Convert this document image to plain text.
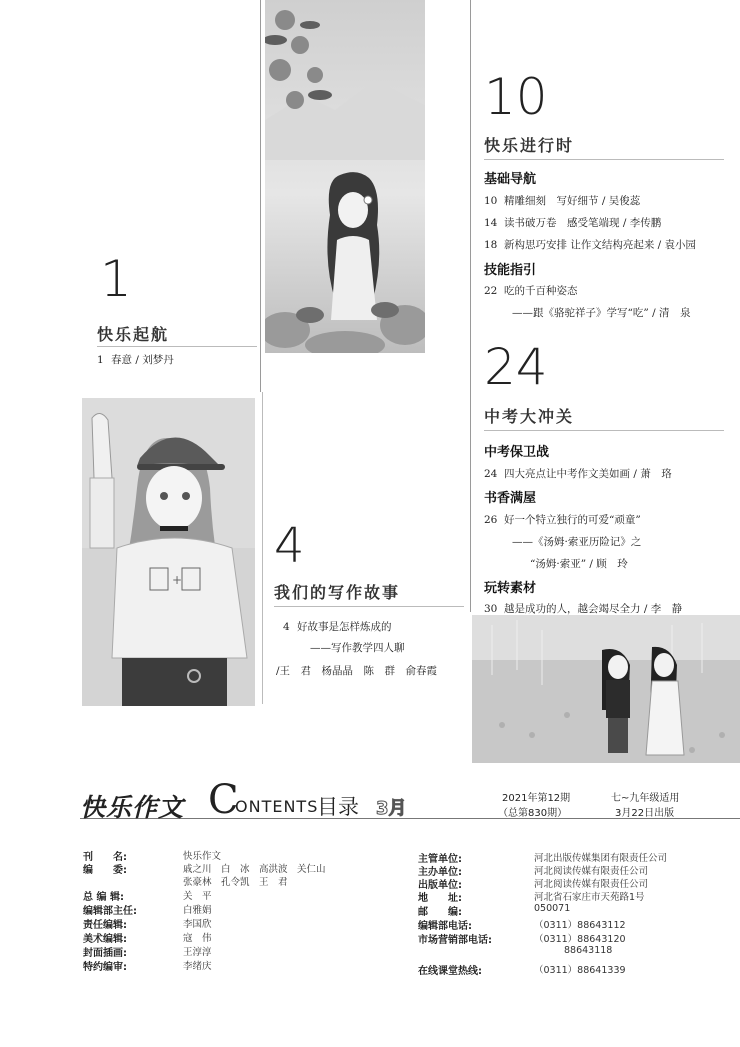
+
1
快乐起航
1 春意 / 刘梦丹
4
我们的写作故事
4 好故事是怎样炼成的
——写作教学四人聊
/王　君　杨晶晶　陈　群　俞春霞
10
快乐进行时
基础导航
10 精雕细刻　写好细节 / 吴俊蕊
14 读书破万卷　感受笔端现 / 李传鹏
18 新构思巧安排 让作文结构亮起来 / 袁小园
技能指引
22 吃的千百种姿态
——跟《骆驼祥子》学写“吃” / 清　泉
24
中考大冲关
中考保卫战
24 四大亮点让中考作文美如画 / 萧　珞
书香满屋
26 好一个特立独行的可爱“顽童”
——《汤姆·索亚历险记》之
“汤姆·索亚” / 顾　玲
玩转素材
30 越是成功的人，越会竭尽全力 / 李　静
快乐作文 C
ONTENTS
目录 3月	2021年第12期
（总第830期）
七~九年级适用
3月22日出版
刊　　名:	快乐作文
编　　委:	戚之川　白　冰　高洪波　关仁山
张豪林　孔令凯　王　君
总 编 辑:	关　平
编辑部主任:	白雅娟
责任编辑:	李国欣
美术编辑:	寇　伟
封面插画:	王淳淳
特约编审:	李绪庆
主管单位:	河北出版传媒集团有限责任公司
主办单位:	河北阅读传媒有限责任公司
出版单位:	河北阅读传媒有限责任公司
地　　址:	河北省石家庄市天苑路1号
邮　　编:	050071
编辑部电话:	（0311）88643112
市场营销部电话:	（0311）88643120
88643118
在线课堂热线:	（0311）88641339
